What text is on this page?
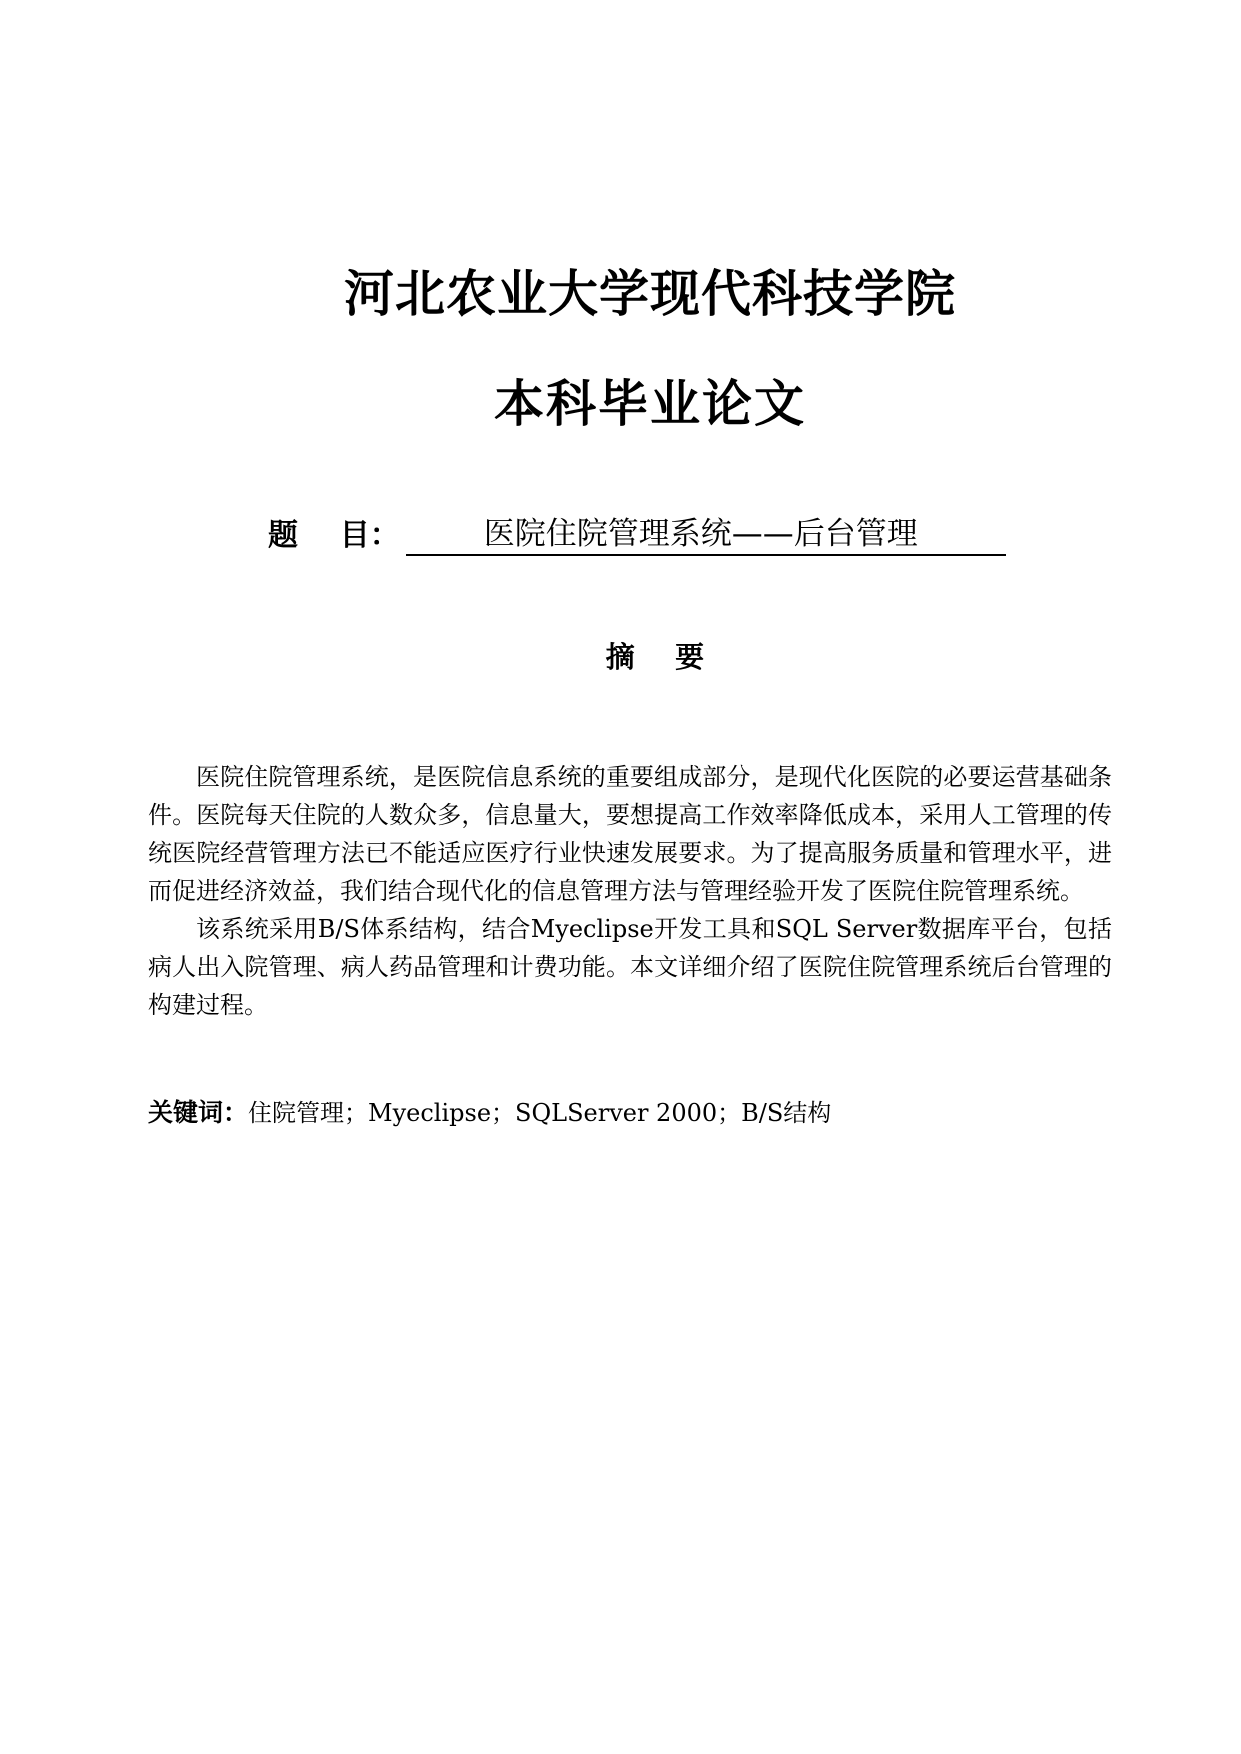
河北农业大学现代科技学院
本科毕业论文
题    目：	医院住院管理系统——后台管理
摘    要

医院住院管理系统，是医院信息系统的重要组成部分，是现代化医院的必要运营基础条件。医院每天住院的人数众多，信息量大，要想提高工作效率降低成本，采用人工管理的传统医院经营管理方法已不能适应医疗行业快速发展要求。为了提高服务质量和管理水平，进而促进经济效益，我们结合现代化的信息管理方法与管理经验开发了医院住院管理系统。

该系统采用B/S体系结构，结合Myeclipse开发工具和SQL Server数据库平台，包括病人出入院管理、病人药品管理和计费功能。本文详细介绍了医院住院管理系统后台管理的构建过程。

关键词：住院管理；Myeclipse；SQLServer 2000；B/S结构
